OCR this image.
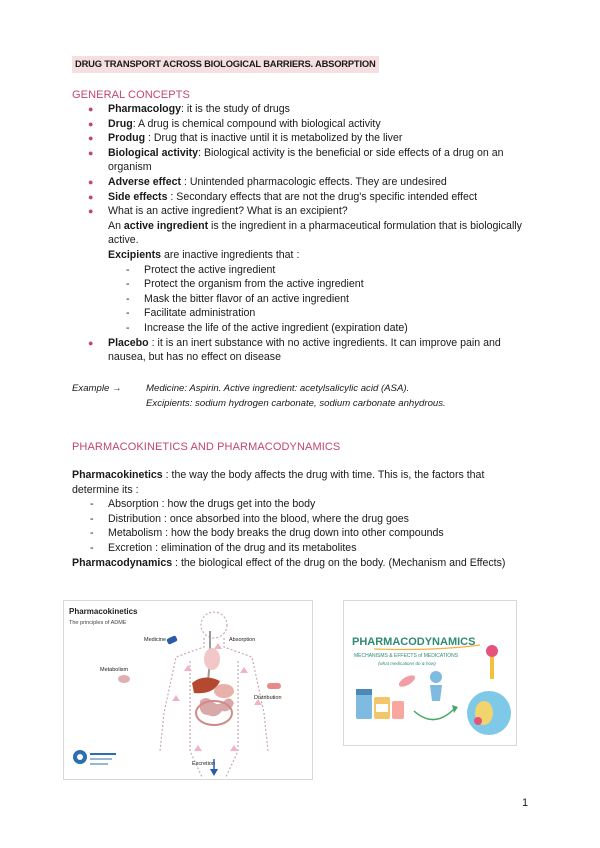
DRUG TRANSPORT ACROSS BIOLOGICAL BARRIERS. ABSORPTION
GENERAL CONCEPTS
● Pharmacology: it is the study of drugs
● Drug: A drug is chemical compound with biological activity
● Produg : Drug that is inactive until it is metabolized by the liver
● Biological activity: Biological activity is the beneficial or side effects of a drug on an organism
● Adverse effect : Unintended pharmacologic effects. They are undesired
● Side effects : Secondary effects that are not the drug's specific intended effect
● What is an active ingredient? What is an excipient?
An active ingredient is the ingredient in a pharmaceutical formulation that is biologically active.
Excipients are inactive ingredients that :
- Protect the active ingredient
- Protect the organism from the active ingredient
- Mask the bitter flavor of an active ingredient
- Facilitate administration
- Increase the life of the active ingredient (expiration date)
● Placebo : it is an inert substance with no active ingredients. It can improve pain and nausea, but has no effect on disease
Example →	Medicine: Aspirin. Active ingredient: acetylsalicylic acid (ASA).
Excipients: sodium hydrogen carbonate, sodium carbonate anhydrous.
PHARMACOKINETICS AND PHARMACODYNAMICS
Pharmacokinetics : the way the body affects the drug with time. This is, the factors that determine its :
- Absorption : how the drugs get into the body
- Distribution : once absorbed into the blood, where the drug goes
- Metabolism : how the body breaks the drug down into other compounds
- Excretion : elimination of the drug and its metabolites
Pharmacodynamics : the biological effect of the drug on the body. (Mechanism and Effects)
Pharmacokinetics
The principles of ADME
Medicine	Absorption
Metabolism
Distribution
Excretion
PHARMACODYNAMICS
MECHANISMS & EFFECTS of MEDICATIONS
(what medications do & how)
1
